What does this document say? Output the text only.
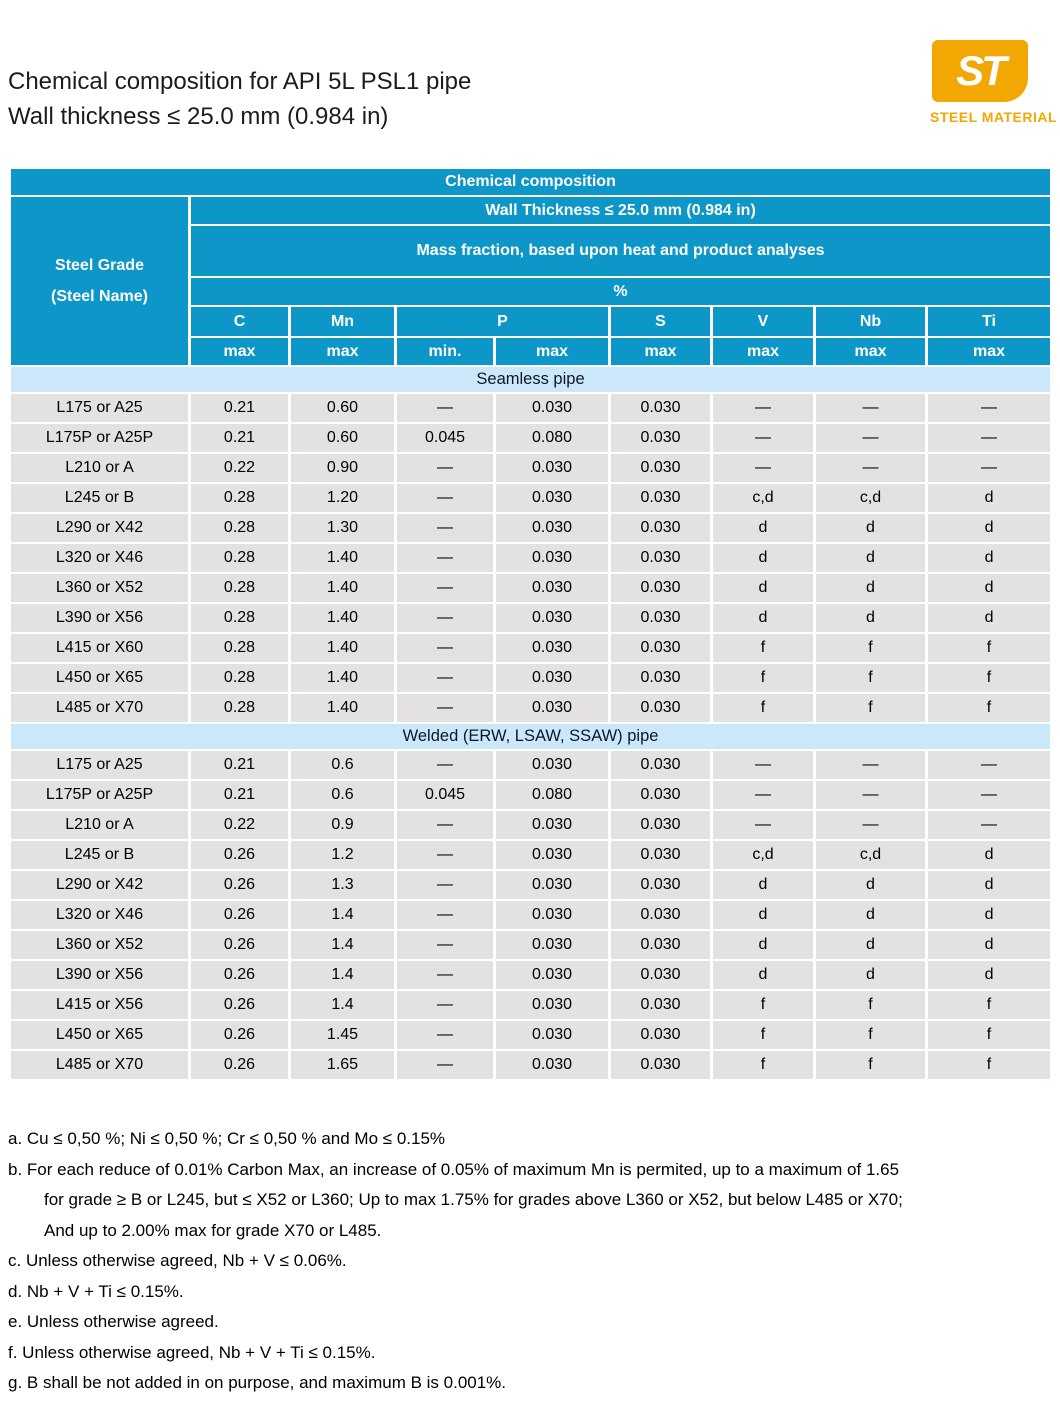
Chemical composition for API 5L PSL1 pipe
Wall thickness ≤ 25.0 mm (0.984 in)
ST
STEEL MATERIAL
Chemical composition								

Steel Grade
(Steel Name)	Wall Thickness ≤ 25.0 mm (0.984 in)							
	Mass fraction, based upon heat and product analyses							
	%							
	C	Mn	P		S	V	Nb	Ti
	max	max	min.	max	max	max	max	max
Seamless pipe								
L175 or A25	0.21	0.60	—	0.030	0.030	—	—	—
L175P or A25P	0.21	0.60	0.045	0.080	0.030	—	—	—
L210 or A	0.22	0.90	—	0.030	0.030	—	—	—
L245 or B	0.28	1.20	—	0.030	0.030	c,d	c,d	d
L290 or X42	0.28	1.30	—	0.030	0.030	d	d	d
L320 or X46	0.28	1.40	—	0.030	0.030	d	d	d
L360 or X52	0.28	1.40	—	0.030	0.030	d	d	d
L390 or X56	0.28	1.40	—	0.030	0.030	d	d	d
L415 or X60	0.28	1.40	—	0.030	0.030	f	f	f
L450 or X65	0.28	1.40	—	0.030	0.030	f	f	f
L485 or X70	0.28	1.40	—	0.030	0.030	f	f	f
Welded (ERW, LSAW, SSAW) pipe								
L175 or A25	0.21	0.6	—	0.030	0.030	—	—	—
L175P or A25P	0.21	0.6	0.045	0.080	0.030	—	—	—
L210 or A	0.22	0.9	—	0.030	0.030	—	—	—
L245 or B	0.26	1.2	—	0.030	0.030	c,d	c,d	d
L290 or X42	0.26	1.3	—	0.030	0.030	d	d	d
L320 or X46	0.26	1.4	—	0.030	0.030	d	d	d
L360 or X52	0.26	1.4	—	0.030	0.030	d	d	d
L390 or X56	0.26	1.4	—	0.030	0.030	d	d	d
L415 or X56	0.26	1.4	—	0.030	0.030	f	f	f
L450 or X65	0.26	1.45	—	0.030	0.030	f	f	f
L485 or X70	0.26	1.65	—	0.030	0.030	f	f	f
a. Cu ≤ 0,50 %; Ni ≤ 0,50 %; Cr ≤ 0,50 % and Mo ≤ 0.15%
b. For each reduce of 0.01% Carbon Max, an increase of 0.05% of maximum Mn is permited, up to a maximum of 1.65
for grade ≥ B or L245, but ≤ X52 or L360; Up to max 1.75% for grades above L360 or X52, but below L485 or X70;
And up to 2.00% max for grade X70 or L485.
c. Unless otherwise agreed, Nb + V ≤ 0.06%.
d. Nb + V + Ti ≤ 0.15%.
e. Unless otherwise agreed.
f. Unless otherwise agreed, Nb + V + Ti ≤ 0.15%.
g. B shall be not added in on purpose, and maximum B is 0.001%.
